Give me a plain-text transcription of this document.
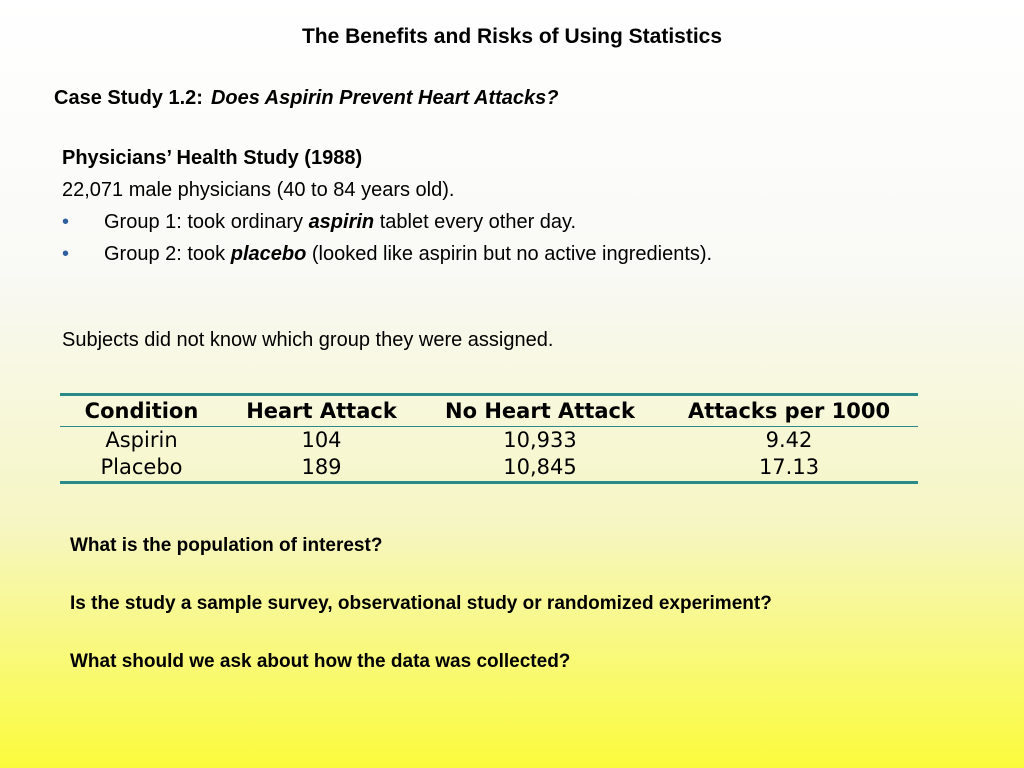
The Benefits and Risks of Using Statistics
Case Study 1.2: Does Aspirin Prevent Heart Attacks?
Physicians’ Health Study (1988)
22,071 male physicians (40 to 84 years old).
• Group 1: took ordinary aspirin tablet every other day.
• Group 2: took placebo (looked like aspirin but no active ingredients).
Subjects did not know which group they were assigned.
Condition	Heart Attack	No Heart Attack	Attacks per 1000
Aspirin	104	10,933	9.42
Placebo	189	10,845	17.13
What is the population of interest?
Is the study a sample survey, observational study or randomized experiment?
What should we ask about how the data was collected?
